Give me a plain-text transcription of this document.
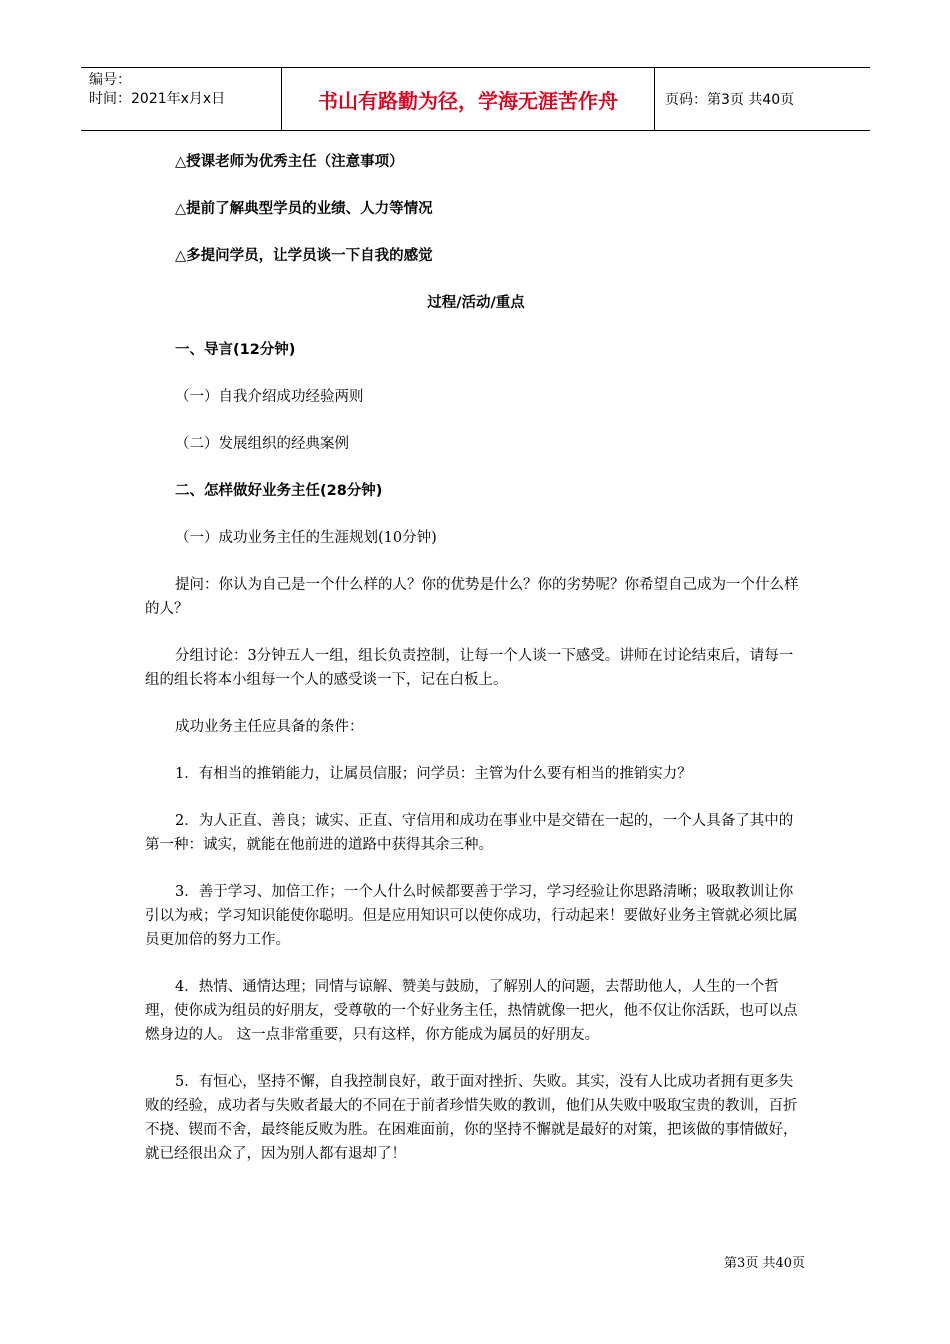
编号：
时间：2021年x月x日	书山有路勤为径，学海无涯苦作舟	页码：第3页 共40页

△授课老师为优秀主任（注意事项）

△提前了解典型学员的业绩、人力等情况

△多提问学员，让学员谈一下自我的感觉

过程/活动/重点

一、导言(12分钟)

（一）自我介绍成功经验两则

（二）发展组织的经典案例

二、怎样做好业务主任(28分钟)

（一）成功业务主任的生涯规划(10分钟)

提问：你认为自己是一个什么样的人？你的优势是什么？你的劣势呢？你希望自己成为一个什么样的人？

分组讨论：3分钟五人一组，组长负责控制，让每一个人谈一下感受。讲师在讨论结束后，请每一组的组长将本小组每一个人的感受谈一下，记在白板上。

成功业务主任应具备的条件：

1．有相当的推销能力，让属员信服；问学员：主管为什么要有相当的推销实力？

2．为人正直、善良；诚实、正直、守信用和成功在事业中是交错在一起的，一个人具备了其中的第一种：诚实，就能在他前进的道路中获得其余三种。

3．善于学习、加倍工作；一个人什么时候都要善于学习，学习经验让你思路清晰；吸取教训让你引以为戒；学习知识能使你聪明。但是应用知识可以使你成功，行动起来！要做好业务主管就必须比属员更加倍的努力工作。

4．热情、通情达理；同情与谅解、赞美与鼓励，了解别人的问题，去帮助他人，人生的一个哲理，使你成为组员的好朋友，受尊敬的一个好业务主任，热情就像一把火，他不仅让你活跃，也可以点燃身边的人。 这一点非常重要，只有这样，你方能成为属员的好朋友。

5．有恒心，坚持不懈，自我控制良好，敢于面对挫折、失败。其实，没有人比成功者拥有更多失败的经验，成功者与失败者最大的不同在于前者珍惜失败的教训，他们从失败中吸取宝贵的教训，百折不挠、锲而不舍，最终能反败为胜。在困难面前，你的坚持不懈就是最好的对策，把该做的事情做好，就已经很出众了，因为别人都有退却了！

第3页 共40页
